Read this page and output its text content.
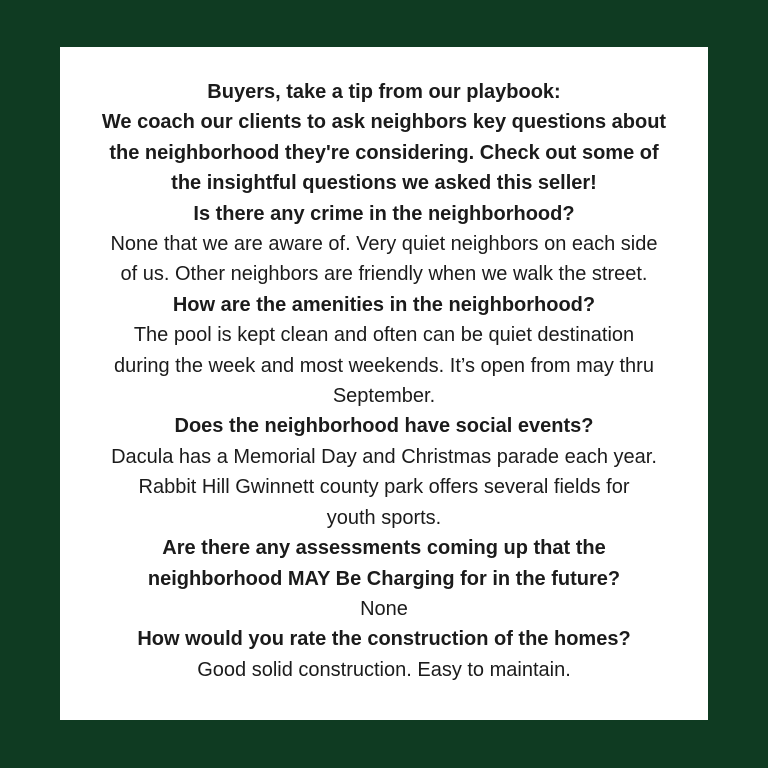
Buyers, take a tip from our playbook:
We coach our clients to ask neighbors key questions about
the neighborhood they're considering. Check out some of
the insightful questions we asked this seller!
Is there any crime in the neighborhood?
None that we are aware of. Very quiet neighbors on each side
of us. Other neighbors are friendly when we walk the street.
How are the amenities in the neighborhood?
The pool is kept clean and often can be quiet destination
during the week and most weekends. It’s open from may thru
September.
Does the neighborhood have social events?
Dacula has a Memorial Day and Christmas parade each year.
Rabbit Hill Gwinnett county park offers several fields for
youth sports.
Are there any assessments coming up that the
neighborhood MAY Be Charging for in the future?
None
How would you rate the construction of the homes?
Good solid construction. Easy to maintain.
